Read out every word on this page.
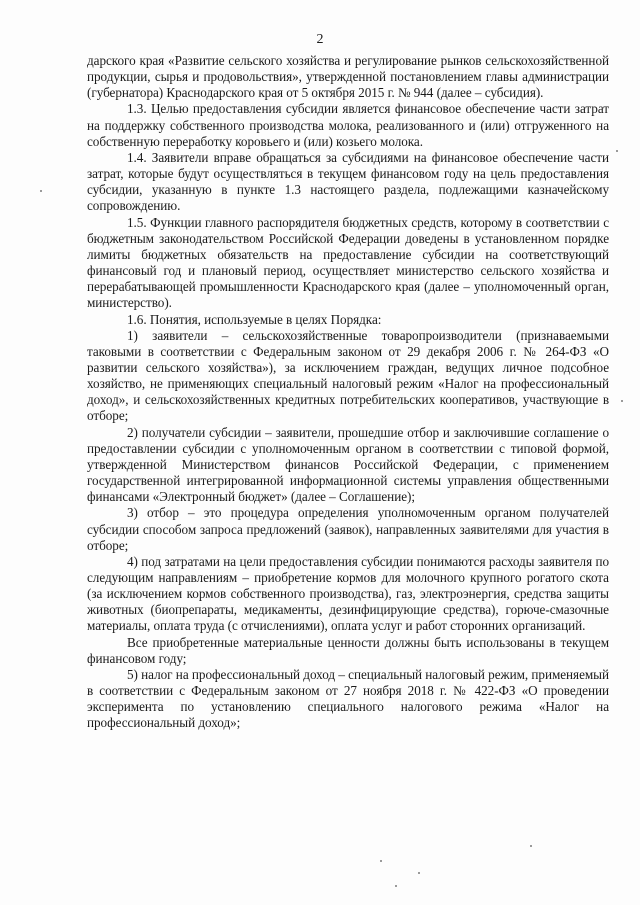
2

дарского края «Развитие сельского хозяйства и регулирование рынков сельскохозяйственной продукции, сырья и продовольствия», утвержденной постановлением главы администрации (губернатора) Краснодарского края от 5 октября 2015 г. № 944 (далее – субсидия).

1.3. Целью предоставления субсидии является финансовое обеспечение части затрат на поддержку собственного производства молока, реализованного и (или) отгруженного на собственную переработку коровьего и (или) козьего молока.

1.4. Заявители вправе обращаться за субсидиями на финансовое обеспечение части затрат, которые будут осуществляться в текущем финансовом году на цель предоставления субсидии, указанную в пункте 1.3 настоящего раздела, подлежащими казначейскому сопровождению.

1.5. Функции главного распорядителя бюджетных средств, которому в соответствии с бюджетным законодательством Российской Федерации доведены в установленном порядке лимиты бюджетных обязательств на предоставление субсидии на соответствующий финансовый год и плановый период, осуществляет министерство сельского хозяйства и перерабатывающей промышленности Краснодарского края (далее – уполномоченный орган, министерство).

1.6. Понятия, используемые в целях Порядка:

1) заявители – сельскохозяйственные товаропроизводители (признаваемыми таковыми в соответствии с Федеральным законом от 29 декабря 2006 г. № 264-ФЗ «О развитии сельского хозяйства»), за исключением граждан, ведущих личное подсобное хозяйство, не применяющих специальный налоговый режим «Налог на профессиональный доход», и сельскохозяйственных кредитных потребительских кооперативов, участвующие в отборе;

2) получатели субсидии – заявители, прошедшие отбор и заключившие соглашение о предоставлении субсидии с уполномоченным органом в соответствии с типовой формой, утвержденной Министерством финансов Российской Федерации, с применением государственной интегрированной информационной системы управления общественными финансами «Электронный бюджет» (далее – Соглашение);

3) отбор – это процедура определения уполномоченным органом получателей субсидии способом запроса предложений (заявок), направленных заявителями для участия в отборе;

4) под затратами на цели предоставления субсидии понимаются расходы заявителя по следующим направлениям – приобретение кормов для молочного крупного рогатого скота (за исключением кормов собственного производства), газ, электроэнергия, средства защиты животных (биопрепараты, медикаменты, дезинфицирующие средства), горюче-смазочные материалы, оплата труда (с отчислениями), оплата услуг и работ сторонних организаций.

Все приобретенные материальные ценности должны быть использованы в текущем финансовом году;

5) налог на профессиональный доход – специальный налоговый режим, применяемый в соответствии с Федеральным законом от 27 ноября 2018 г. № 422-ФЗ «О проведении эксперимента по установлению специального налогового режима «Налог на профессиональный доход»;
